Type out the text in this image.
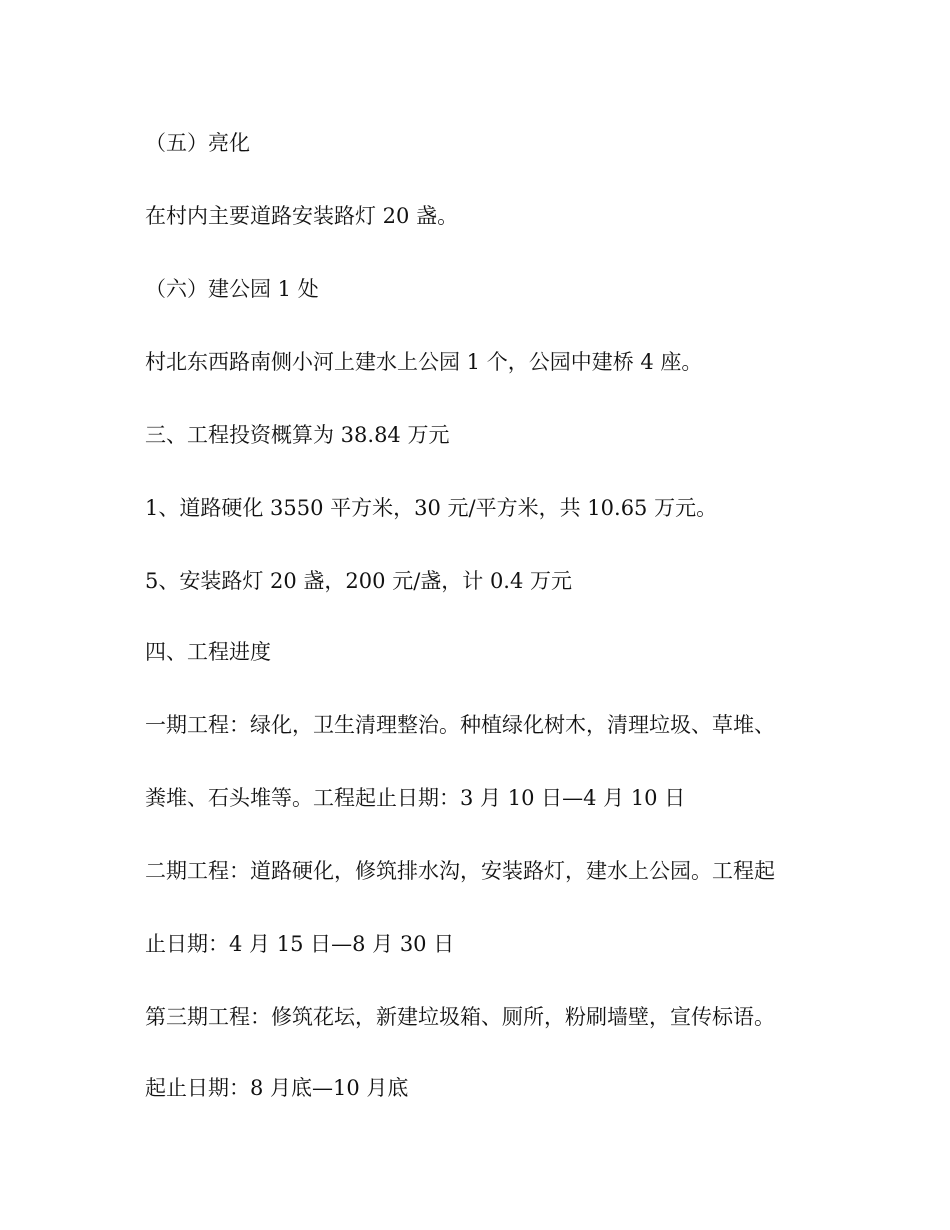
（五）亮化

在村内主要道路安装路灯 20 盏。

（六）建公园 1 处

村北东西路南侧小河上建水上公园 1 个，公园中建桥 4 座。

三、工程投资概算为 38.84 万元

1、道路硬化 3550 平方米，30 元/平方米，共 10.65 万元。

5、安装路灯 20 盏，200 元/盏，计 0.4 万元

四、工程进度

一期工程：绿化，卫生清理整治。种植绿化树木，清理垃圾、草堆、

粪堆、石头堆等。工程起止日期：3 月 10 日—4 月 10 日

二期工程：道路硬化，修筑排水沟，安装路灯，建水上公园。工程起

止日期：4 月 15 日—8 月 30 日

第三期工程：修筑花坛，新建垃圾箱、厕所，粉刷墙壁，宣传标语。

起止日期：8 月底—10 月底
